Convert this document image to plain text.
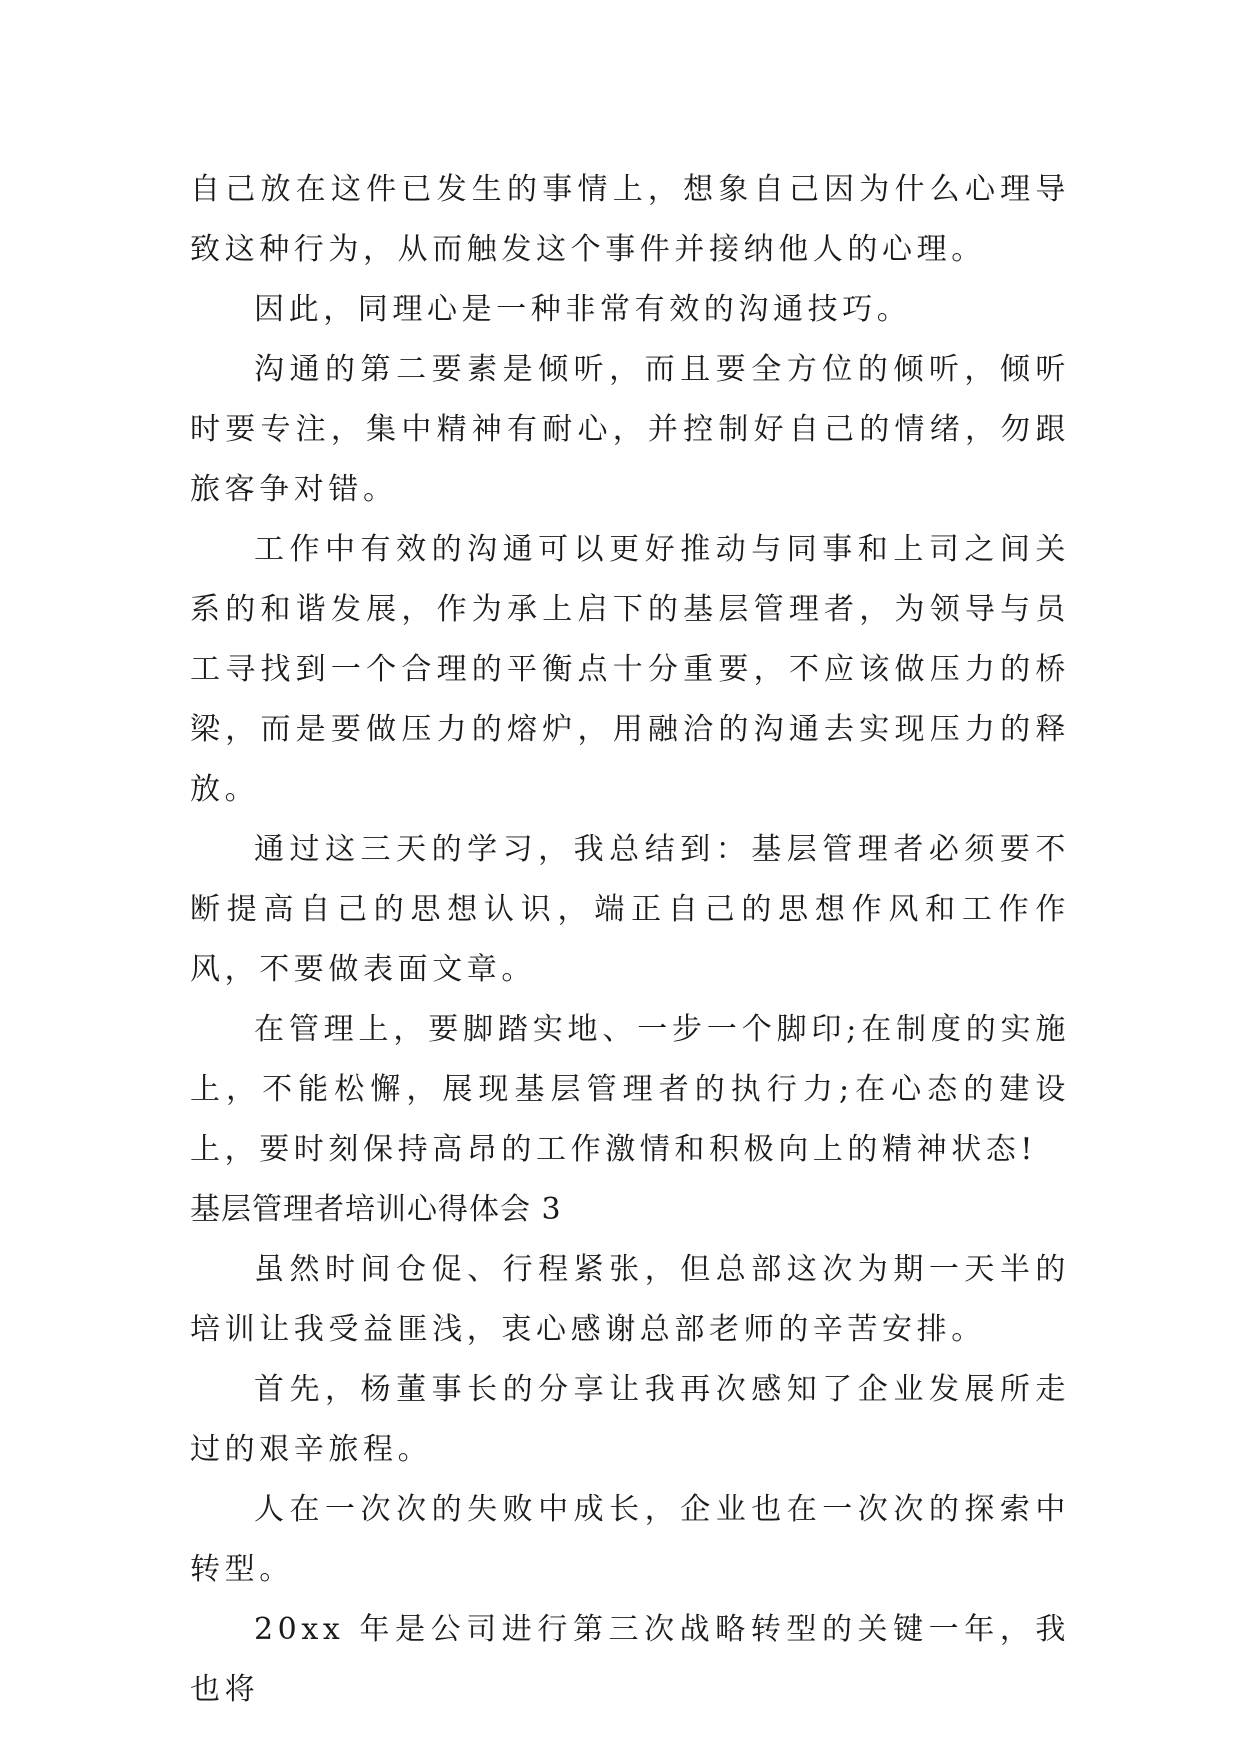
自己放在这件已发生的事情上，想象自己因为什么心理导致这种行为，从而触发这个事件并接纳他人的心理。

因此，同理心是一种非常有效的沟通技巧。

沟通的第二要素是倾听，而且要全方位的倾听，倾听时要专注，集中精神有耐心，并控制好自己的情绪，勿跟旅客争对错。

工作中有效的沟通可以更好推动与同事和上司之间关系的和谐发展，作为承上启下的基层管理者，为领导与员工寻找到一个合理的平衡点十分重要，不应该做压力的桥梁，而是要做压力的熔炉，用融洽的沟通去实现压力的释放。

通过这三天的学习，我总结到：基层管理者必须要不断提高自己的思想认识，端正自己的思想作风和工作作风，不要做表面文章。

在管理上，要脚踏实地、一步一个脚印;在制度的实施上，不能松懈，展现基层管理者的执行力;在心态的建设上，要时刻保持高昂的工作激情和积极向上的精神状态!

基层管理者培训心得体会 3

虽然时间仓促、行程紧张，但总部这次为期一天半的培训让我受益匪浅，衷心感谢总部老师的辛苦安排。

首先，杨董事长的分享让我再次感知了企业发展所走过的艰辛旅程。

人在一次次的失败中成长，企业也在一次次的探索中转型。

20xx 年是公司进行第三次战略转型的关键一年，我也将
